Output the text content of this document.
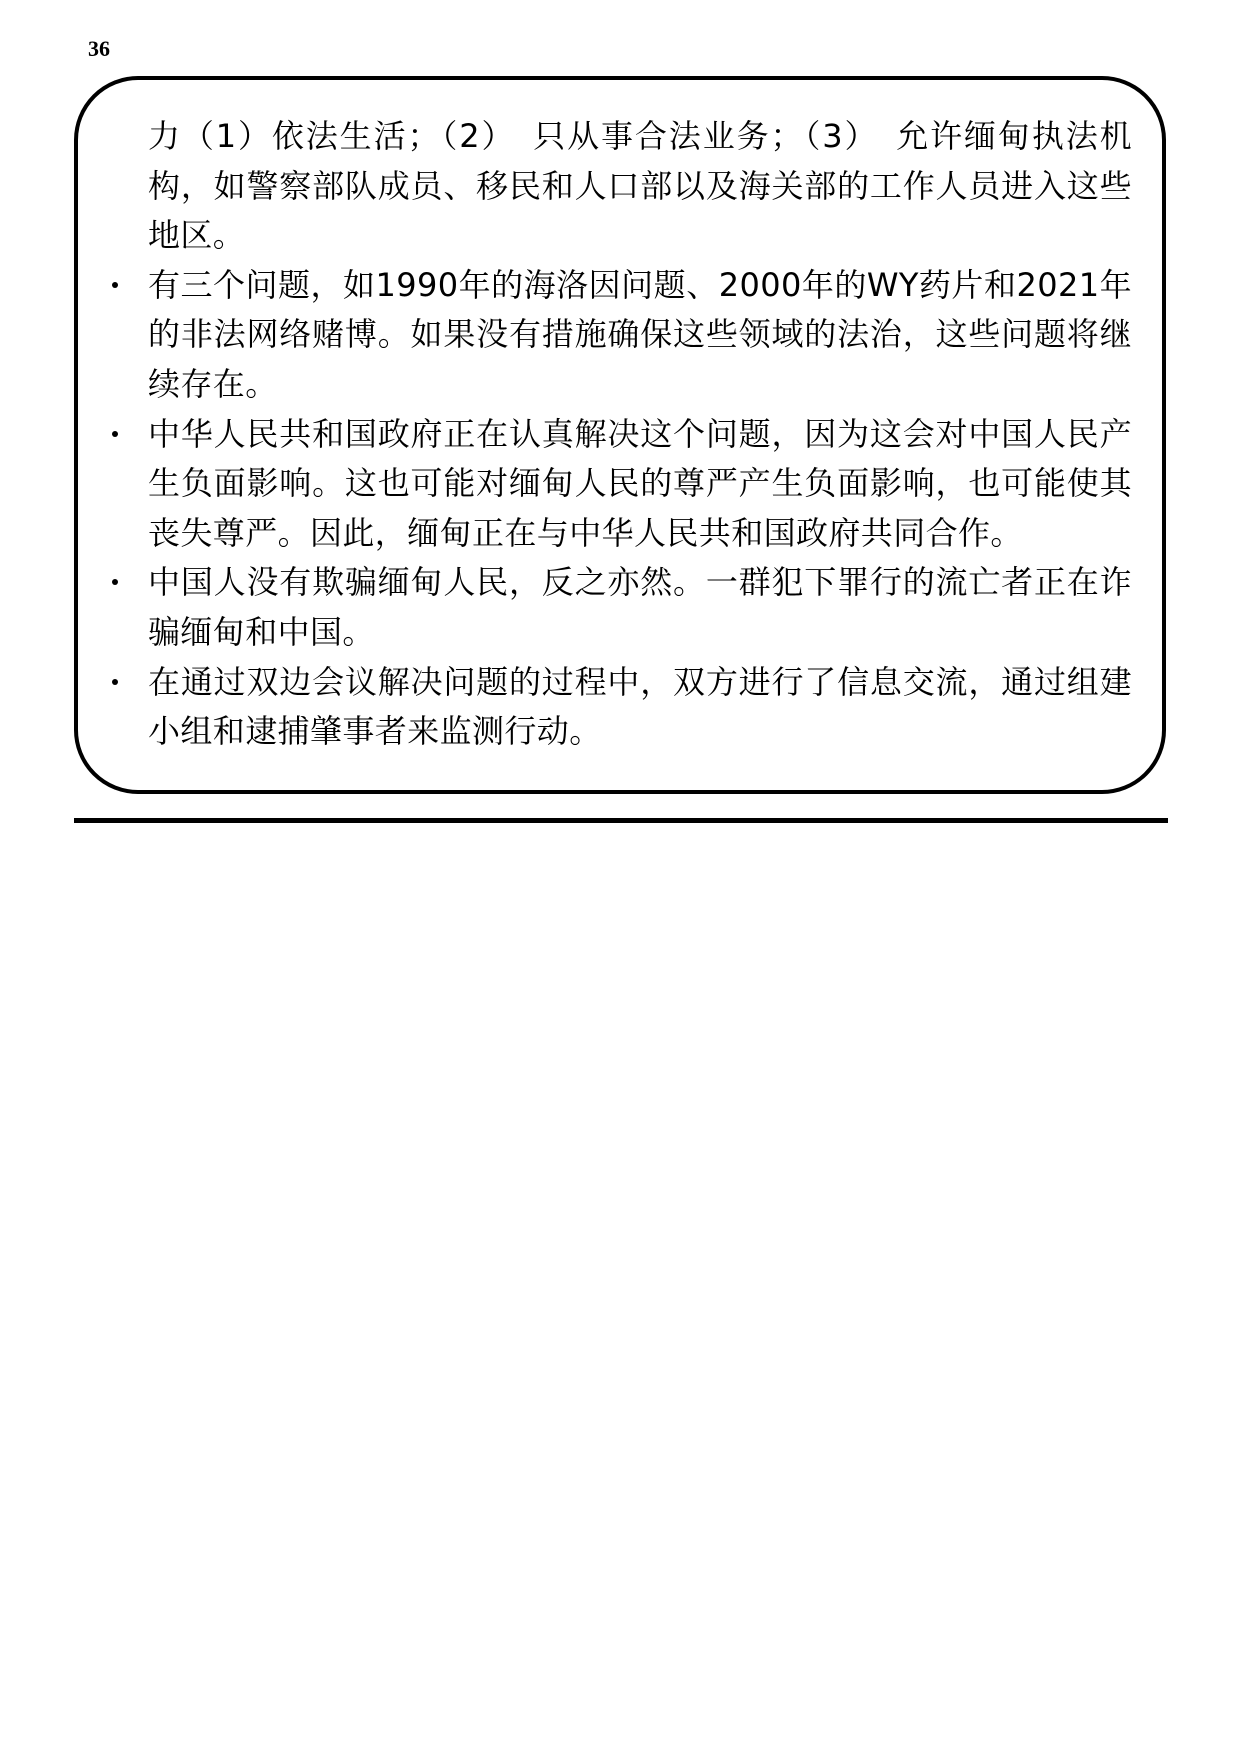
36

力（1）依法生活；（2）　只从事合法业务；（3）　允许缅甸执法机构，如警察部队成员、移民和人口部以及海关部的工作人员进入这些地区。

有三个问题，如1990年的海洛因问题、2000年的WY药片和2021年的非法网络赌博。如果没有措施确保这些领域的法治，这些问题将继续存在。
中华人民共和国政府正在认真解决这个问题，因为这会对中国人民产生负面影响。这也可能对缅甸人民的尊严产生负面影响，也可能使其丧失尊严。因此，缅甸正在与中华人民共和国政府共同合作。
中国人没有欺骗缅甸人民，反之亦然。一群犯下罪行的流亡者正在诈骗缅甸和中国。
在通过双边会议解决问题的过程中，双方进行了信息交流，通过组建小组和逮捕肇事者来监测行动。
